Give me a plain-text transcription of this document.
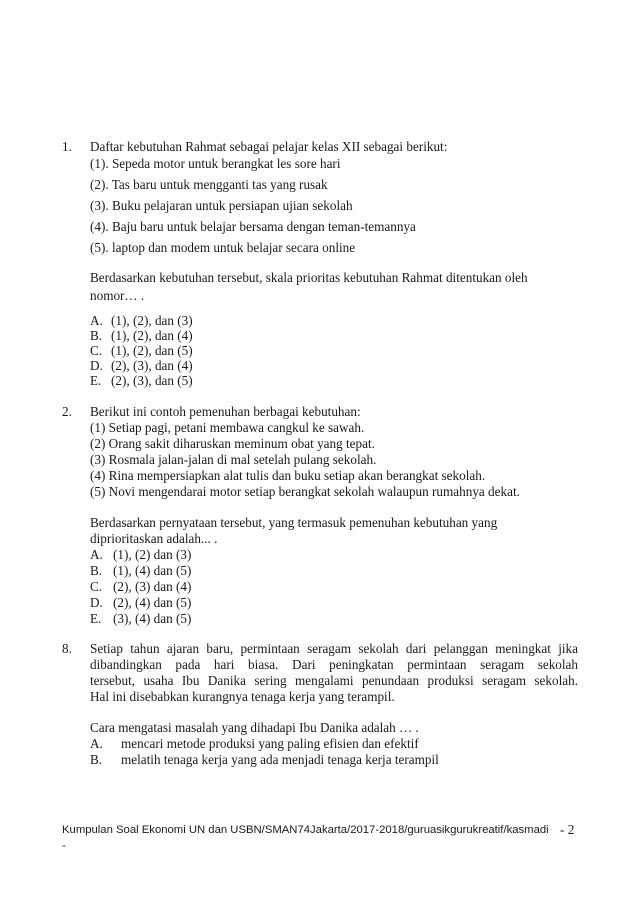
1. Daftar kebutuhan Rahmat sebagai pelajar kelas XII sebagai berikut:
(1). Sepeda motor untuk berangkat les sore hari
(2). Tas baru untuk mengganti tas yang rusak
(3). Buku pelajaran untuk persiapan ujian sekolah
(4). Baju baru untuk belajar bersama dengan teman-temannya
(5). laptop dan modem untuk belajar secara online
Berdasarkan kebutuhan tersebut, skala prioritas kebutuhan Rahmat ditentukan oleh
nomor… .
A. (1), (2), dan (3)
B. (1), (2), dan (4)
C. (1), (2), dan (5)
D. (2), (3), dan (4)
E. (2), (3), dan (5)
2. Berikut ini contoh pemenuhan berbagai kebutuhan:
(1) Setiap pagi, petani membawa cangkul ke sawah.
(2) Orang sakit diharuskan meminum obat yang tepat.
(3) Rosmala jalan-jalan di mal setelah pulang sekolah.
(4) Rina mempersiapkan alat tulis dan buku setiap akan berangkat sekolah.
(5) Novi mengendarai motor setiap berangkat sekolah walaupun rumahnya dekat.
Berdasarkan pernyataan tersebut, yang termasuk pemenuhan kebutuhan yang
diprioritaskan adalah... .
A. (1), (2) dan (3)
B. (1), (4) dan (5)
C. (2), (3) dan (4)
D. (2), (4) dan (5)
E. (3), (4) dan (5)
8. Setiap tahun ajaran baru, permintaan seragam sekolah dari pelanggan meningkat jika
dibandingkan pada hari biasa. Dari peningkatan permintaan seragam sekolah
tersebut, usaha Ibu Danika sering mengalami penundaan produksi seragam sekolah.
Hal ini disebabkan kurangnya tenaga kerja yang terampil.
Cara mengatasi masalah yang dihadapi Ibu Danika adalah … .
A. mencari metode produksi yang paling efisien dan efektif
B. melatih tenaga kerja yang ada menjadi tenaga kerja terampil
Kumpulan Soal Ekonomi UN dan USBN/SMAN74Jakarta/2017-2018/guruasikgurukreatif/kasmadi - 2
-
